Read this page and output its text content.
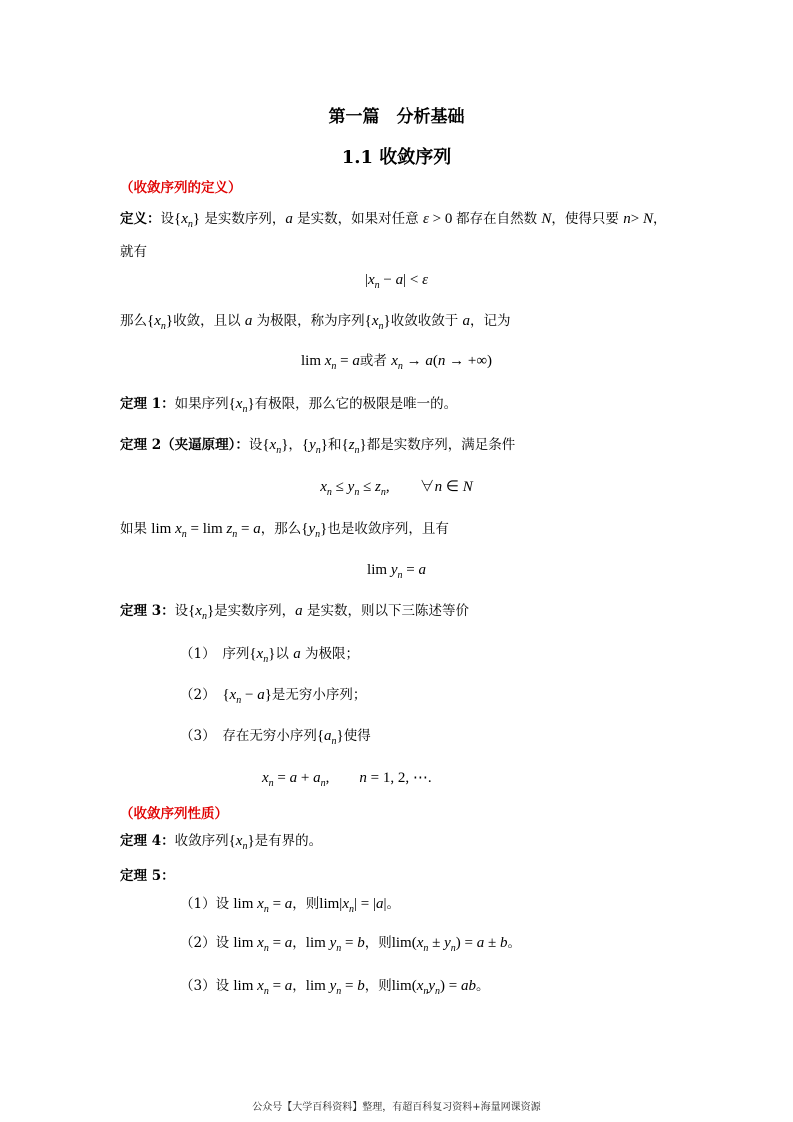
第一篇　分析基础
1.1 收敛序列
（收敛序列的定义）
定义：设$\{x_n\}$ 是实数序列，a 是实数，如果对任意 ε > 0 都存在自然数 N，使得只要 n> N，
就有
$|x_n - a| < \varepsilon$
那么$\{x_n\}$收敛，且以 a 为极限，称为序列$\{x_n\}$收敛收敛于 a，记为
$\lim x_n = a$或者 $x_n \to a(n$ → +∞)
定理 1：如果序列$\{x_n\}$有极限，那么它的极限是唯一的。
定理 2（夹逼原理）：设$\{x_n\}$，$\{y_n\}$和$\{z_n\}$都是实数序列，满足条件
$x_n \le y_n \le z_n$,　　∀n ∈ N
如果 $\lim x_n = \lim z_n = a$，那么$\{y_n\}$也是收敛序列，且有
$\lim y_n = a$
定理 3：设$\{x_n\}$是实数序列，a 是实数，则以下三陈述等价
（1）　序列$\{x_n\}$以 a 为极限；
（2）　$\{x_n - a\}$是无穷小序列；
（3）　存在无穷小序列$\{a_n\}$使得
$x_n = a + a_n$,　　n = 1, 2, ⋯.
（收敛序列性质）
定理 4：收敛序列$\{x_n\}$是有界的。
定理 5：
（1）设 $\lim x_n = a$，则$\lim|x_n| = |a|$。
（2）设 $\lim x_n = a$，$\lim y_n = b$，则$\lim(x_n \pm y_n) = a \pm b$。
（3）设 $\lim x_n = a$，$\lim y_n = b$，则$\lim(x_ny_n)$ = ab。
公众号【大学百科资料】整理，有超百科复习资料+海量网课资源
